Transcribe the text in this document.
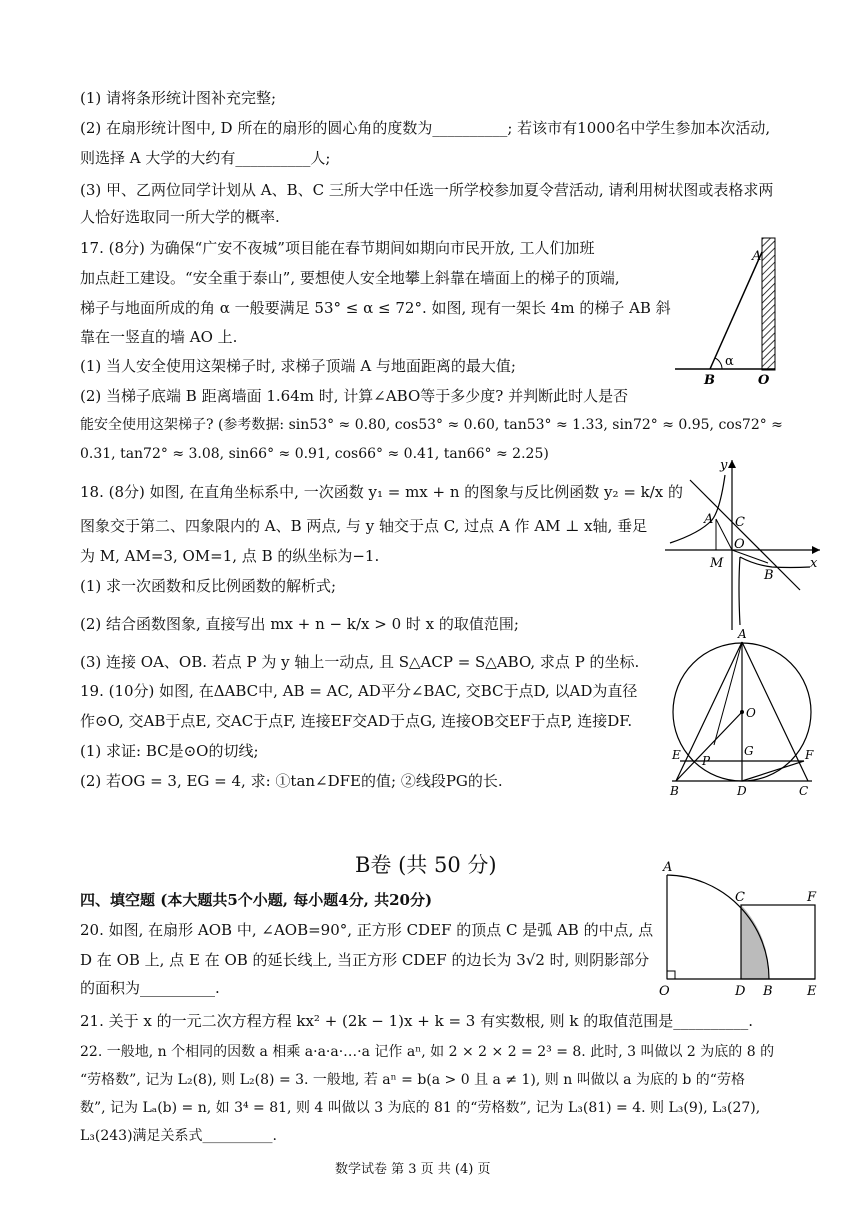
(1) 请将条形统计图补充完整;
(2) 在扇形统计图中, D 所在的扇形的圆心角的度数为__________; 若该市有1000名中学生参加本次活动,
则选择 A 大学的大约有__________人;
(3) 甲、乙两位同学计划从 A、B、C 三所大学中任选一所学校参加夏令营活动, 请利用树状图或表格求两
人恰好选取同一所大学的概率.
17. (8分) 为确保“广安不夜城”项目能在春节期间如期向市民开放, 工人们加班
加点赶工建设。“安全重于泰山”, 要想使人安全地攀上斜靠在墙面上的梯子的顶端,
梯子与地面所成的角 α 一般要满足 53° ≤ α ≤ 72°. 如图, 现有一架长 4m 的梯子 AB 斜
靠在一竖直的墙 AO 上.
(1) 当人安全使用这架梯子时, 求梯子顶端 A 与地面距离的最大值;
(2) 当梯子底端 B 距离墙面 1.64m 时, 计算∠ABO等于多少度? 并判断此时人是否
能安全使用这架梯子? (参考数据: sin53° ≈ 0.80, cos53° ≈ 0.60, tan53° ≈ 1.33, sin72° ≈ 0.95, cos72° ≈
0.31, tan72° ≈ 3.08, sin66° ≈ 0.91, cos66° ≈ 0.41, tan66° ≈ 2.25)
A
B	O
α
18. (8分) 如图, 在直角坐标系中, 一次函数 y₁ = mx + n 的图象与反比例函数 y₂ = k/x 的
图象交于第二、四象限内的 A、B 两点, 与 y 轴交于点 C, 过点 A 作 AM ⊥ x轴, 垂足
为 M, AM=3, OM=1, 点 B 的纵坐标为−1.
(1) 求一次函数和反比例函数的解析式;
(2) 结合函数图象, 直接写出 mx + n − k/x > 0 时 x 的取值范围;
(3) 连接 OA、OB. 若点 P 为 y 轴上一动点, 且 S△ACP = S△ABO, 求点 P 的坐标.
y
x
A C
O
M
B
19. (10分) 如图, 在ΔABC中, AB = AC, AD平分∠BAC, 交BC于点D, 以AD为直径
作⊙O, 交AB于点E, 交AC于点F, 连接EF交AD于点G, 连接OB交EF于点P, 连接DF.
(1) 求证: BC是⊙O的切线;
(2) 若OG = 3, EG = 4, 求: ①tan∠DFE的值; ②线段PG的长.
A
O
G
E	F
P
B	D	C
B卷 (共 50 分)
四、填空题 (本大题共5个小题, 每小题4分, 共20分)
20. 如图, 在扇形 AOB 中, ∠AOB=90°, 正方形 CDEF 的顶点 C 是弧 AB 的中点, 点
D 在 OB 上, 点 E 在 OB 的延长线上, 当正方形 CDEF 的边长为 3√2 时, 则阴影部分
的面积为__________.
A
C	F
O	D B	E
21. 关于 x 的一元二次方程方程 kx² + (2k − 1)x + k = 3 有实数根, 则 k 的取值范围是__________.
22. 一般地, n 个相同的因数 a 相乘 a·a·a·…·a 记作 aⁿ, 如 2 × 2 × 2 = 2³ = 8. 此时, 3 叫做以 2 为底的 8 的
“劳格数”, 记为 L₂(8), 则 L₂(8) = 3. 一般地, 若 aⁿ = b(a > 0 且 a ≠ 1), 则 n 叫做以 a 为底的 b 的“劳格
数”, 记为 Lₐ(b) = n, 如 3⁴ = 81, 则 4 叫做以 3 为底的 81 的“劳格数”, 记为 L₃(81) = 4. 则 L₃(9), L₃(27),
L₃(243)满足关系式__________.
数学试卷 第 3 页 共 (4) 页
